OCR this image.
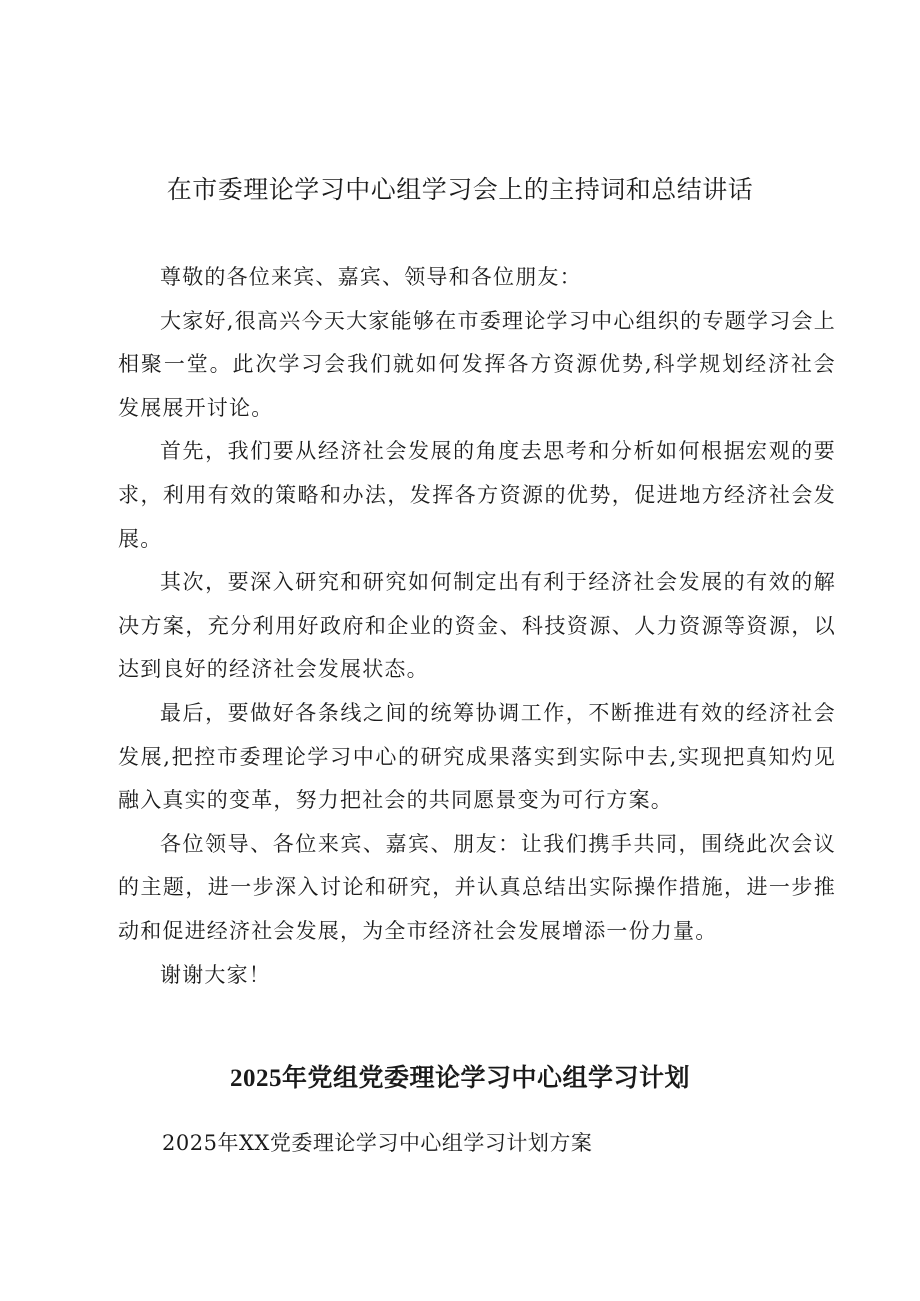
在市委理论学习中心组学习会上的主持词和总结讲话

尊敬的各位来宾、嘉宾、领导和各位朋友：

大家好,很高兴今天大家能够在市委理论学习中心组织的专题学习会上相聚一堂。此次学习会我们就如何发挥各方资源优势,科学规划经济社会发展展开讨论。

首先，我们要从经济社会发展的角度去思考和分析如何根据宏观的要求，利用有效的策略和办法，发挥各方资源的优势，促进地方经济社会发展。

其次，要深入研究和研究如何制定出有利于经济社会发展的有效的解决方案，充分利用好政府和企业的资金、科技资源、人力资源等资源，以达到良好的经济社会发展状态。

最后，要做好各条线之间的统筹协调工作，不断推进有效的经济社会发展,把控市委理论学习中心的研究成果落实到实际中去,实现把真知灼见融入真实的变革，努力把社会的共同愿景变为可行方案。

各位领导、各位来宾、嘉宾、朋友：让我们携手共同，围绕此次会议的主题，进一步深入讨论和研究，并认真总结出实际操作措施，进一步推动和促进经济社会发展，为全市经济社会发展增添一份力量。

谢谢大家！

2025年党组党委理论学习中心组学习计划

2025年XX党委理论学习中心组学习计划方案
